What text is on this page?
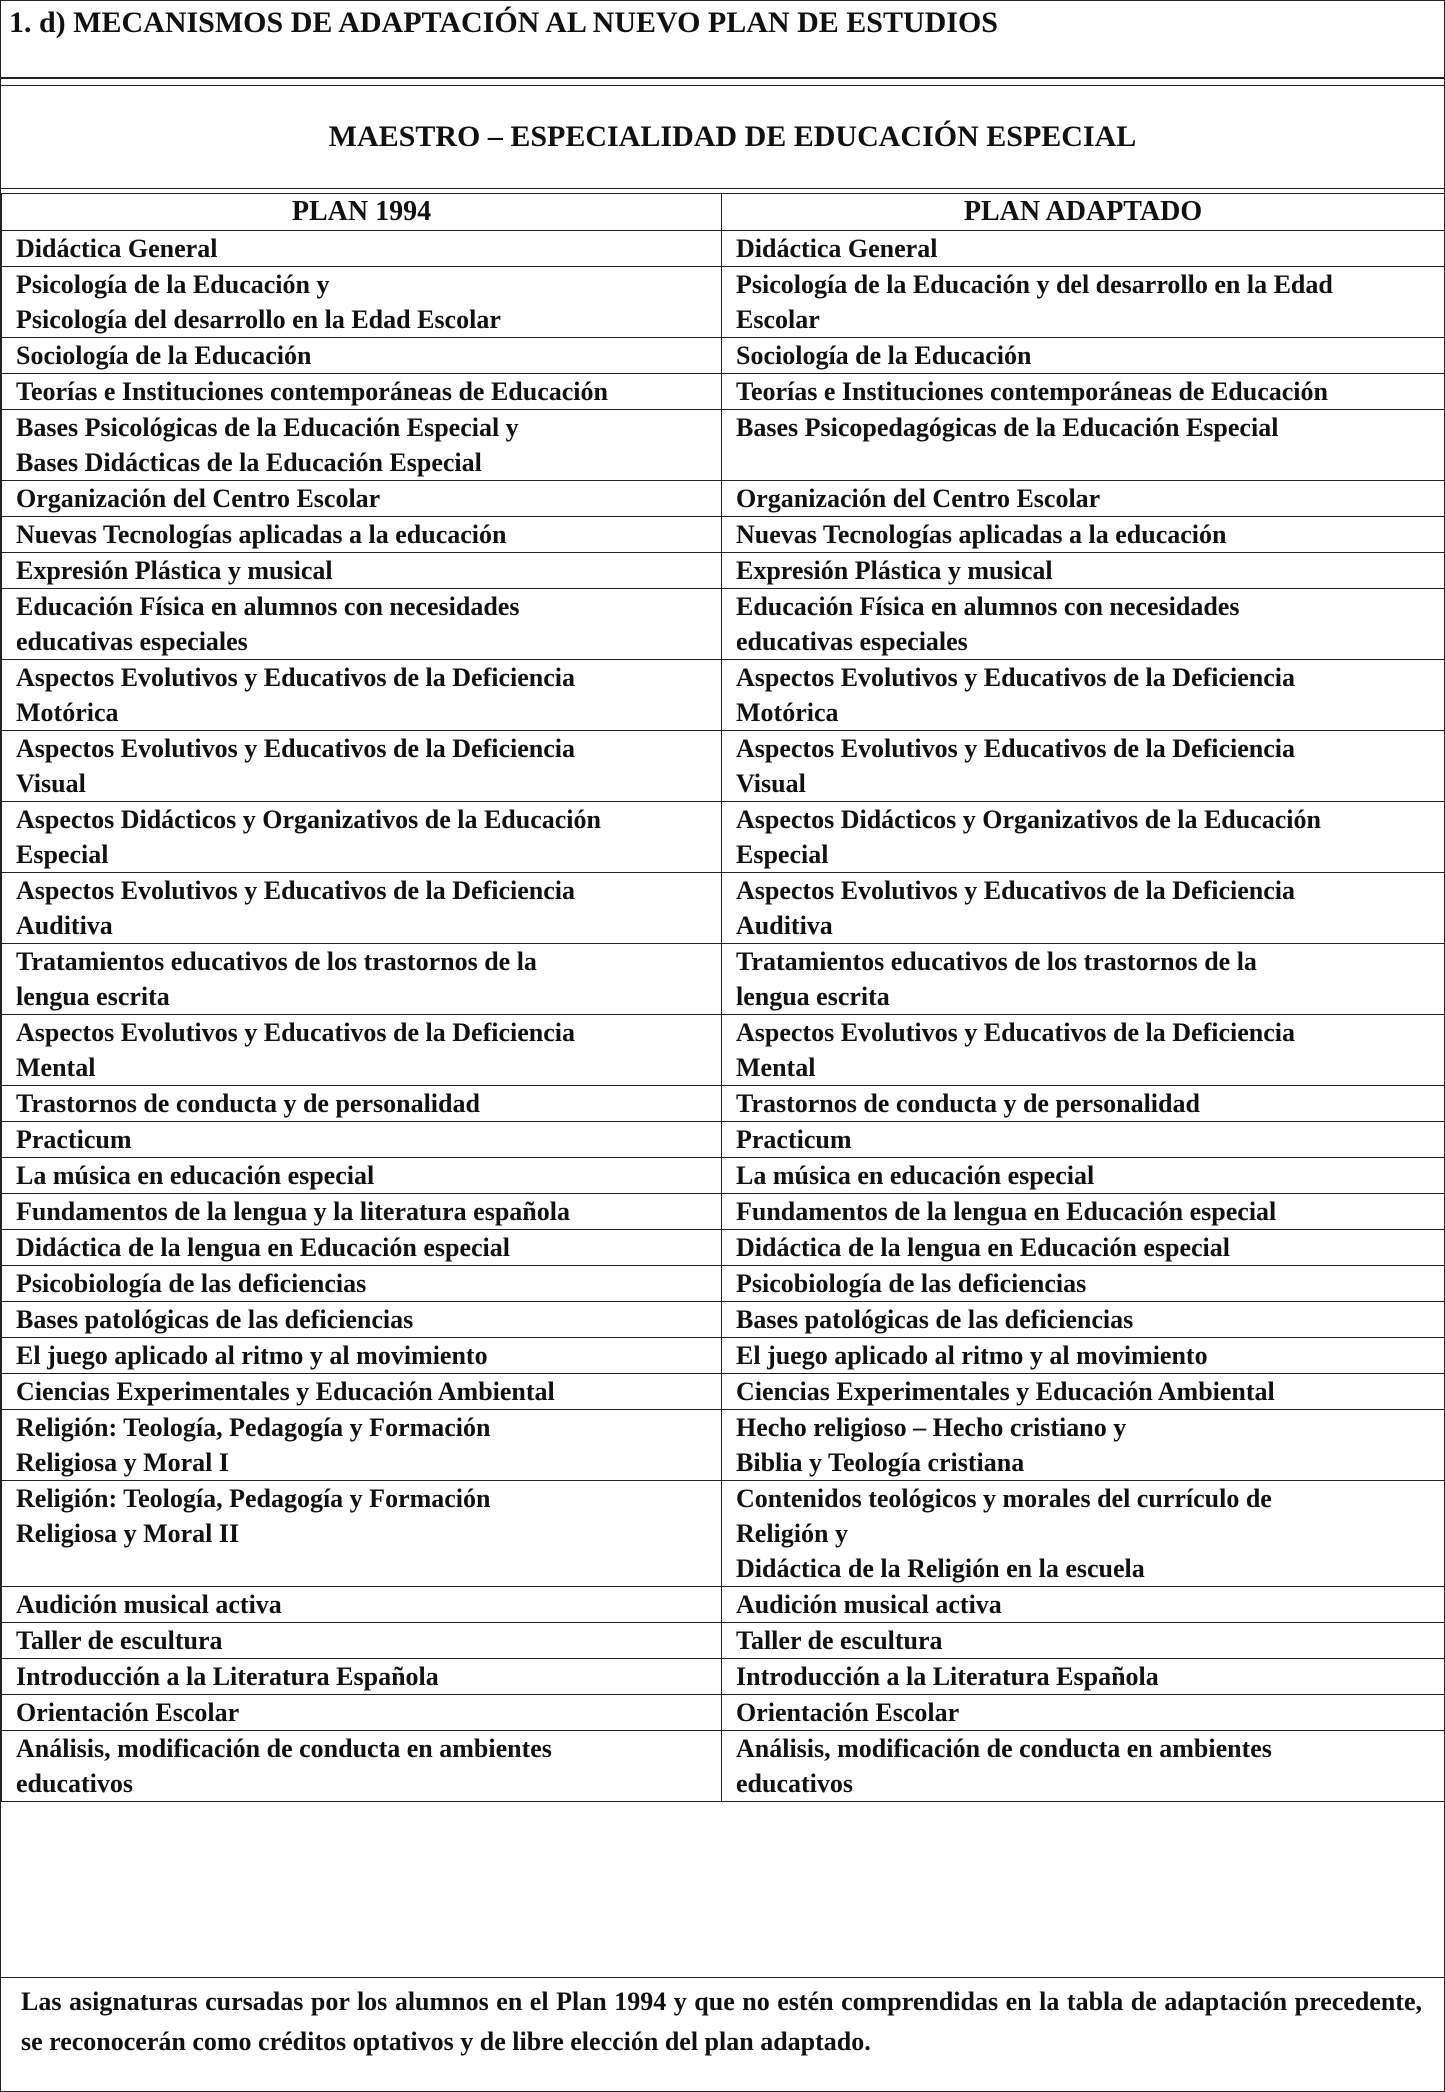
1. d) MECANISMOS DE ADAPTACIÓN AL NUEVO PLAN DE ESTUDIOS
MAESTRO – ESPECIALIDAD DE EDUCACIÓN ESPECIAL
PLAN 1994	PLAN ADAPTADO

Didáctica General	Didáctica General

Psicología de la Educación y
Psicología del desarrollo en la Edad Escolar	Psicología de la Educación y del desarrollo en la Edad
Escolar

Sociología de la Educación	Sociología de la Educación

Teorías e Instituciones contemporáneas de Educación	Teorías e Instituciones contemporáneas de Educación

Bases Psicológicas de la Educación Especial y
Bases Didácticas de la Educación Especial	Bases Psicopedagógicas de la Educación Especial

Organización del Centro Escolar	Organización del Centro Escolar

Nuevas Tecnologías aplicadas a la educación	Nuevas Tecnologías aplicadas a la educación

Expresión Plástica y musical	Expresión Plástica y musical

Educación Física en alumnos con necesidades
educativas especiales	Educación Física en alumnos con necesidades
educativas especiales

Aspectos Evolutivos y Educativos de la Deficiencia
Motórica	Aspectos Evolutivos y Educativos de la Deficiencia
Motórica

Aspectos Evolutivos y Educativos de la Deficiencia
Visual	Aspectos Evolutivos y Educativos de la Deficiencia
Visual

Aspectos Didácticos y Organizativos de la Educación
Especial	Aspectos Didácticos y Organizativos de la Educación
Especial

Aspectos Evolutivos y Educativos de la Deficiencia
Auditiva	Aspectos Evolutivos y Educativos de la Deficiencia
Auditiva

Tratamientos educativos de los trastornos de la
lengua escrita	Tratamientos educativos de los trastornos de la
lengua escrita

Aspectos Evolutivos y Educativos de la Deficiencia
Mental	Aspectos Evolutivos y Educativos de la Deficiencia
Mental

Trastornos de conducta y de personalidad	Trastornos de conducta y de personalidad

Practicum	Practicum

La música en educación especial	La música en educación especial

Fundamentos de la lengua y la literatura española	Fundamentos de la lengua en Educación especial

Didáctica de la lengua en Educación especial	Didáctica de la lengua en Educación especial

Psicobiología de las deficiencias	Psicobiología de las deficiencias

Bases patológicas de las deficiencias	Bases patológicas de las deficiencias

El juego aplicado al ritmo y al movimiento	El juego aplicado al ritmo y al movimiento

Ciencias Experimentales y Educación Ambiental	Ciencias Experimentales y Educación Ambiental

Religión: Teología, Pedagogía y Formación
Religiosa y Moral I	Hecho religioso – Hecho cristiano y
Biblia y Teología cristiana

Religión: Teología, Pedagogía y Formación
Religiosa y Moral II	Contenidos teológicos y morales del currículo de
Religión y
Didáctica de la Religión en la escuela

Audición musical activa	Audición musical activa

Taller de escultura	Taller de escultura

Introducción a la Literatura Española	Introducción a la Literatura Española

Orientación Escolar	Orientación Escolar

Análisis, modificación de conducta en ambientes
educativos	Análisis, modificación de conducta en ambientes
educativos
Las asignaturas cursadas por los alumnos en el Plan 1994 y que no estén comprendidas en la tabla de adaptación precedente, se reconocerán como créditos optativos y de libre elección del plan adaptado.
